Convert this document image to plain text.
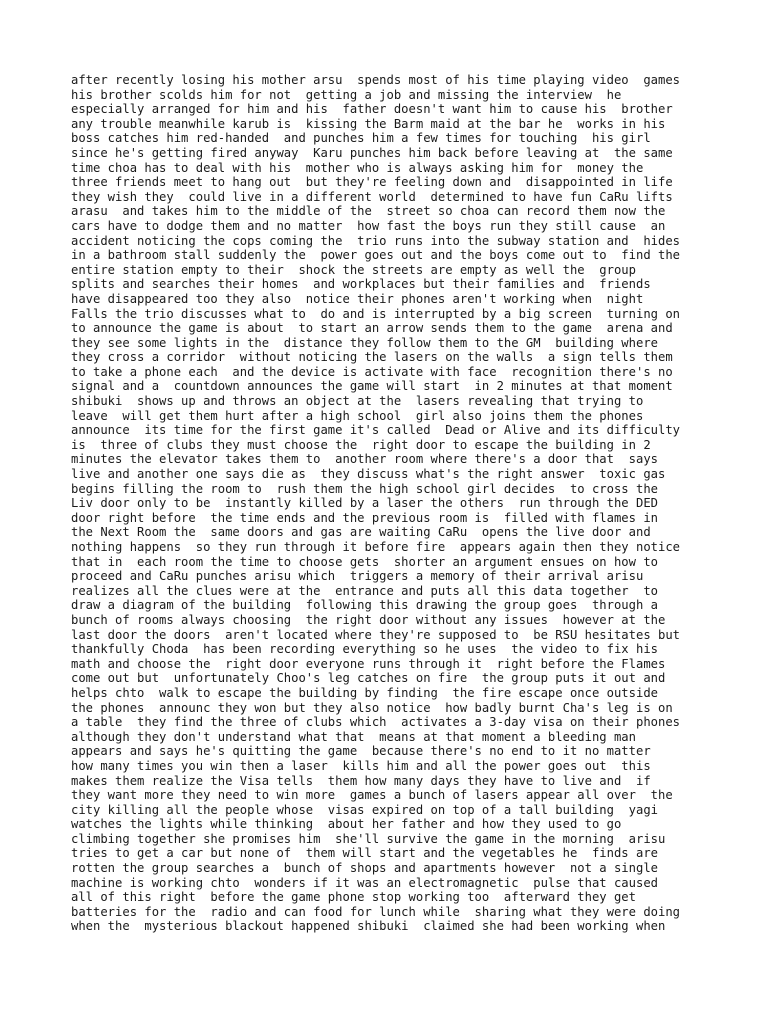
after recently losing his mother arsu  spends most of his time playing video  games
his brother scolds him for not  getting a job and missing the interview  he
especially arranged for him and his  father doesn't want him to cause his  brother
any trouble meanwhile karub is  kissing the Barm maid at the bar he  works in his
boss catches him red-handed  and punches him a few times for touching  his girl
since he's getting fired anyway  Karu punches him back before leaving at  the same
time choa has to deal with his  mother who is always asking him for  money the
three friends meet to hang out  but they're feeling down and  disappointed in life
they wish they  could live in a different world  determined to have fun CaRu lifts
arasu  and takes him to the middle of the  street so choa can record them now the
cars have to dodge them and no matter  how fast the boys run they still cause  an
accident noticing the cops coming the  trio runs into the subway station and  hides
in a bathroom stall suddenly the  power goes out and the boys come out to  find the
entire station empty to their  shock the streets are empty as well the  group
splits and searches their homes  and workplaces but their families and  friends
have disappeared too they also  notice their phones aren't working when  night
Falls the trio discusses what to  do and is interrupted by a big screen  turning on
to announce the game is about  to start an arrow sends them to the game  arena and
they see some lights in the  distance they follow them to the GM  building where
they cross a corridor  without noticing the lasers on the walls  a sign tells them
to take a phone each  and the device is activate with face  recognition there's no
signal and a  countdown announces the game will start  in 2 minutes at that moment
shibuki  shows up and throws an object at the  lasers revealing that trying to
leave  will get them hurt after a high school  girl also joins them the phones
announce  its time for the first game it's called  Dead or Alive and its difficulty
is  three of clubs they must choose the  right door to escape the building in 2
minutes the elevator takes them to  another room where there's a door that  says
live and another one says die as  they discuss what's the right answer  toxic gas
begins filling the room to  rush them the high school girl decides  to cross the
Liv door only to be  instantly killed by a laser the others  run through the DED
door right before  the time ends and the previous room is  filled with flames in
the Next Room the  same doors and gas are waiting CaRu  opens the live door and
nothing happens  so they run through it before fire  appears again then they notice
that in  each room the time to choose gets  shorter an argument ensues on how to
proceed and CaRu punches arisu which  triggers a memory of their arrival arisu
realizes all the clues were at the  entrance and puts all this data together  to
draw a diagram of the building  following this drawing the group goes  through a
bunch of rooms always choosing  the right door without any issues  however at the
last door the doors  aren't located where they're supposed to  be RSU hesitates but
thankfully Choda  has been recording everything so he uses  the video to fix his
math and choose the  right door everyone runs through it  right before the Flames
come out but  unfortunately Choo's leg catches on fire  the group puts it out and
helps chto  walk to escape the building by finding  the fire escape once outside
the phones  announc they won but they also notice  how badly burnt Cha's leg is on
a table  they find the three of clubs which  activates a 3-day visa on their phones
although they don't understand what that  means at that moment a bleeding man
appears and says he's quitting the game  because there's no end to it no matter
how many times you win then a laser  kills him and all the power goes out  this
makes them realize the Visa tells  them how many days they have to live and  if
they want more they need to win more  games a bunch of lasers appear all over  the
city killing all the people whose  visas expired on top of a tall building  yagi
watches the lights while thinking  about her father and how they used to go
climbing together she promises him  she'll survive the game in the morning  arisu
tries to get a car but none of  them will start and the vegetables he  finds are
rotten the group searches a  bunch of shops and apartments however  not a single
machine is working chto  wonders if it was an electromagnetic  pulse that caused
all of this right  before the game phone stop working too  afterward they get
batteries for the  radio and can food for lunch while  sharing what they were doing
when the  mysterious blackout happened shibuki  claimed she had been working when
